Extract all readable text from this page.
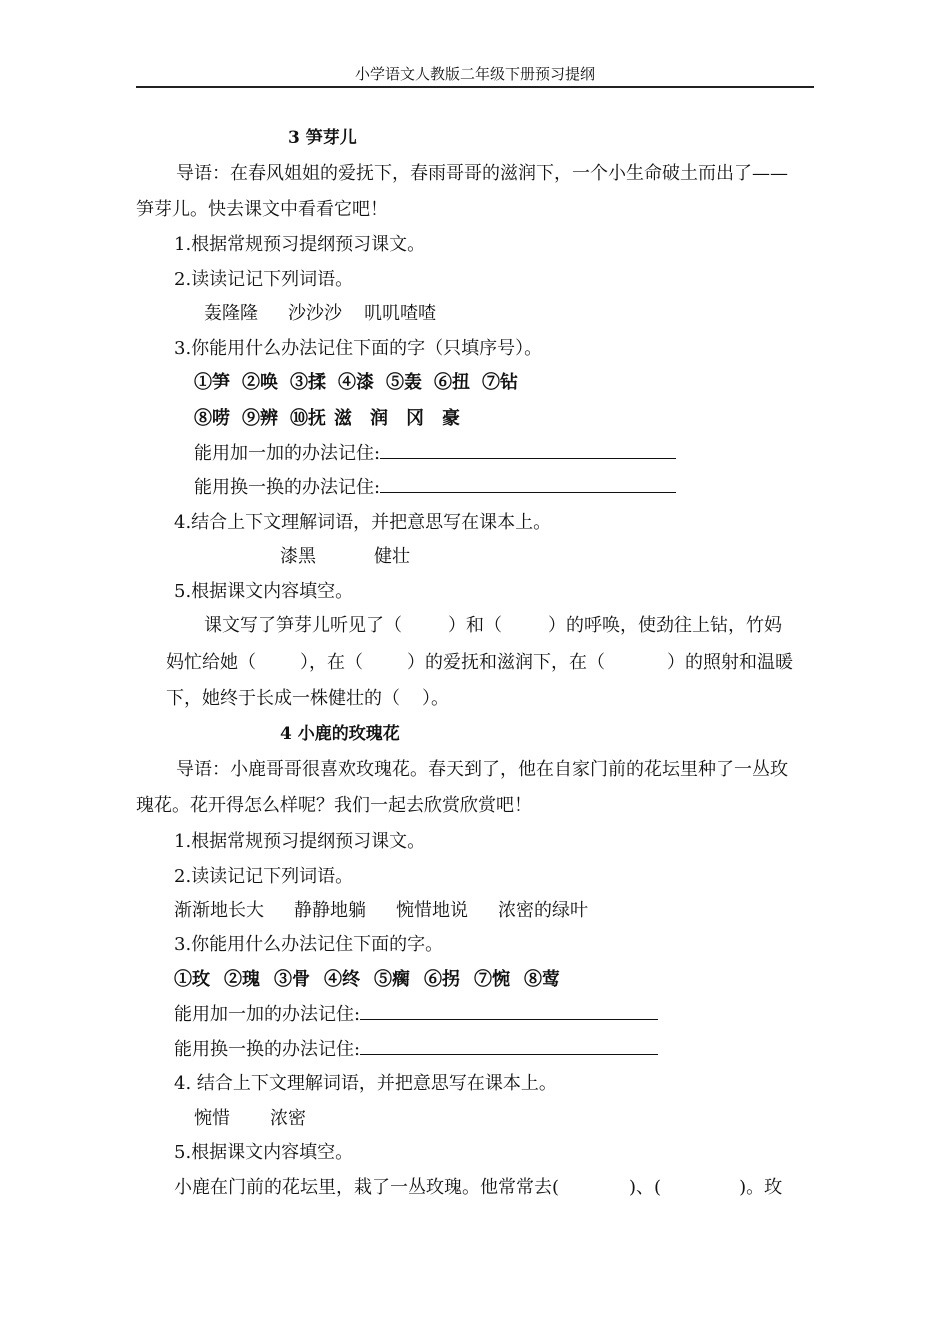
小学语文人教版二年级下册预习提纲
3 笋芽儿
导语：在春风姐姐的爱抚下，春雨哥哥的滋润下，一个小生命破土而出了——
笋芽儿。快去课文中看看它吧！
1.根据常规预习提纲预习课文。
2.读读记记下列词语。
轰隆隆 沙沙沙 叽叽喳喳
3.你能用什么办法记住下面的字（只填序号）。
①笋 ②唤 ③揉 ④漆 ⑤轰 ⑥扭 ⑦钻
⑧唠 ⑨辨 ⑩抚 滋 润 冈 豪
能用加一加的办法记住:
能用换一换的办法记住:
4.结合上下文理解词语，并把意思写在课本上。
漆黑	健壮
5.根据课文内容填空。
课文写了笋芽儿听见了（	）和（	）的呼唤，使劲往上钻，竹妈
妈忙给她（ ），在（ ）的爱抚和滋润下，在（	）的照射和温暖
下，她终于长成一株健壮的（ ）。
4 小鹿的玫瑰花
导语：小鹿哥哥很喜欢玫瑰花。春天到了，他在自家门前的花坛里种了一丛玫
瑰花。花开得怎么样呢？我们一起去欣赏欣赏吧！
1.根据常规预习提纲预习课文。
2.读读记记下列词语。
渐渐地长大 静静地躺 惋惜地说 浓密的绿叶
3.你能用什么办法记住下面的字。
①玫 ②瑰 ③骨 ④终 ⑤瘸 ⑥拐 ⑦惋 ⑧莺
能用加一加的办法记住:
能用换一换的办法记住:
4. 结合上下文理解词语，并把意思写在课本上。
惋惜 浓密
5.根据课文内容填空。
小鹿在门前的花坛里，栽了一丛玫瑰。他常常去(	)、(	)。玫
